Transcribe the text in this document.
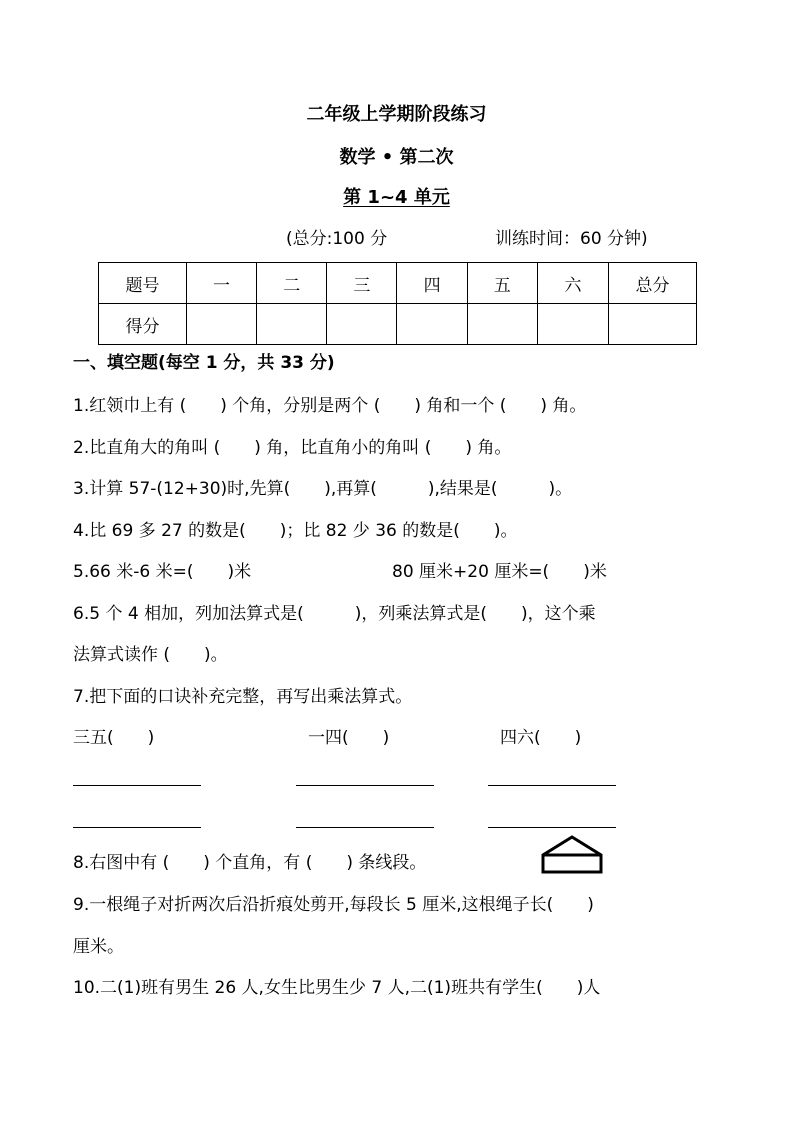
二年级上学期阶段练习
数学 • 第二次
第 1~4 单元
(总分:100 分	训练时间：60 分钟)
题号	一	二	三	四	五	六	总分
得分							
一、填空题(每空 1 分，共 33 分)
1.红领巾上有 (　　) 个角，分别是两个 (　　) 角和一个 (　　) 角。
2.比直角大的角叫 (　　) 角，比直角小的角叫 (　　) 角。
3.计算 57-(12+30)时,先算(　　),再算(　　　),结果是(　　　)。
4.比 69 多 27 的数是(　　)；比 82 少 36 的数是(　　)。
5.66 米-6 米=(　　)米	80 厘米+20 厘米=(　　)米
6.5 个 4 相加，列加法算式是(　　　)，列乘法算式是(　　)，这个乘
法算式读作 (　　)。
7.把下面的口诀补充完整，再写出乘法算式。
三五(　　)	一四(　　)	四六(　　)
8.右图中有 (　　) 个直角，有 (　　) 条线段。
9.一根绳子对折两次后沿折痕处剪开,每段长 5 厘米,这根绳子长(　　)
厘米。
10.二(1)班有男生 26 人,女生比男生少 7 人,二(1)班共有学生(　　)人
